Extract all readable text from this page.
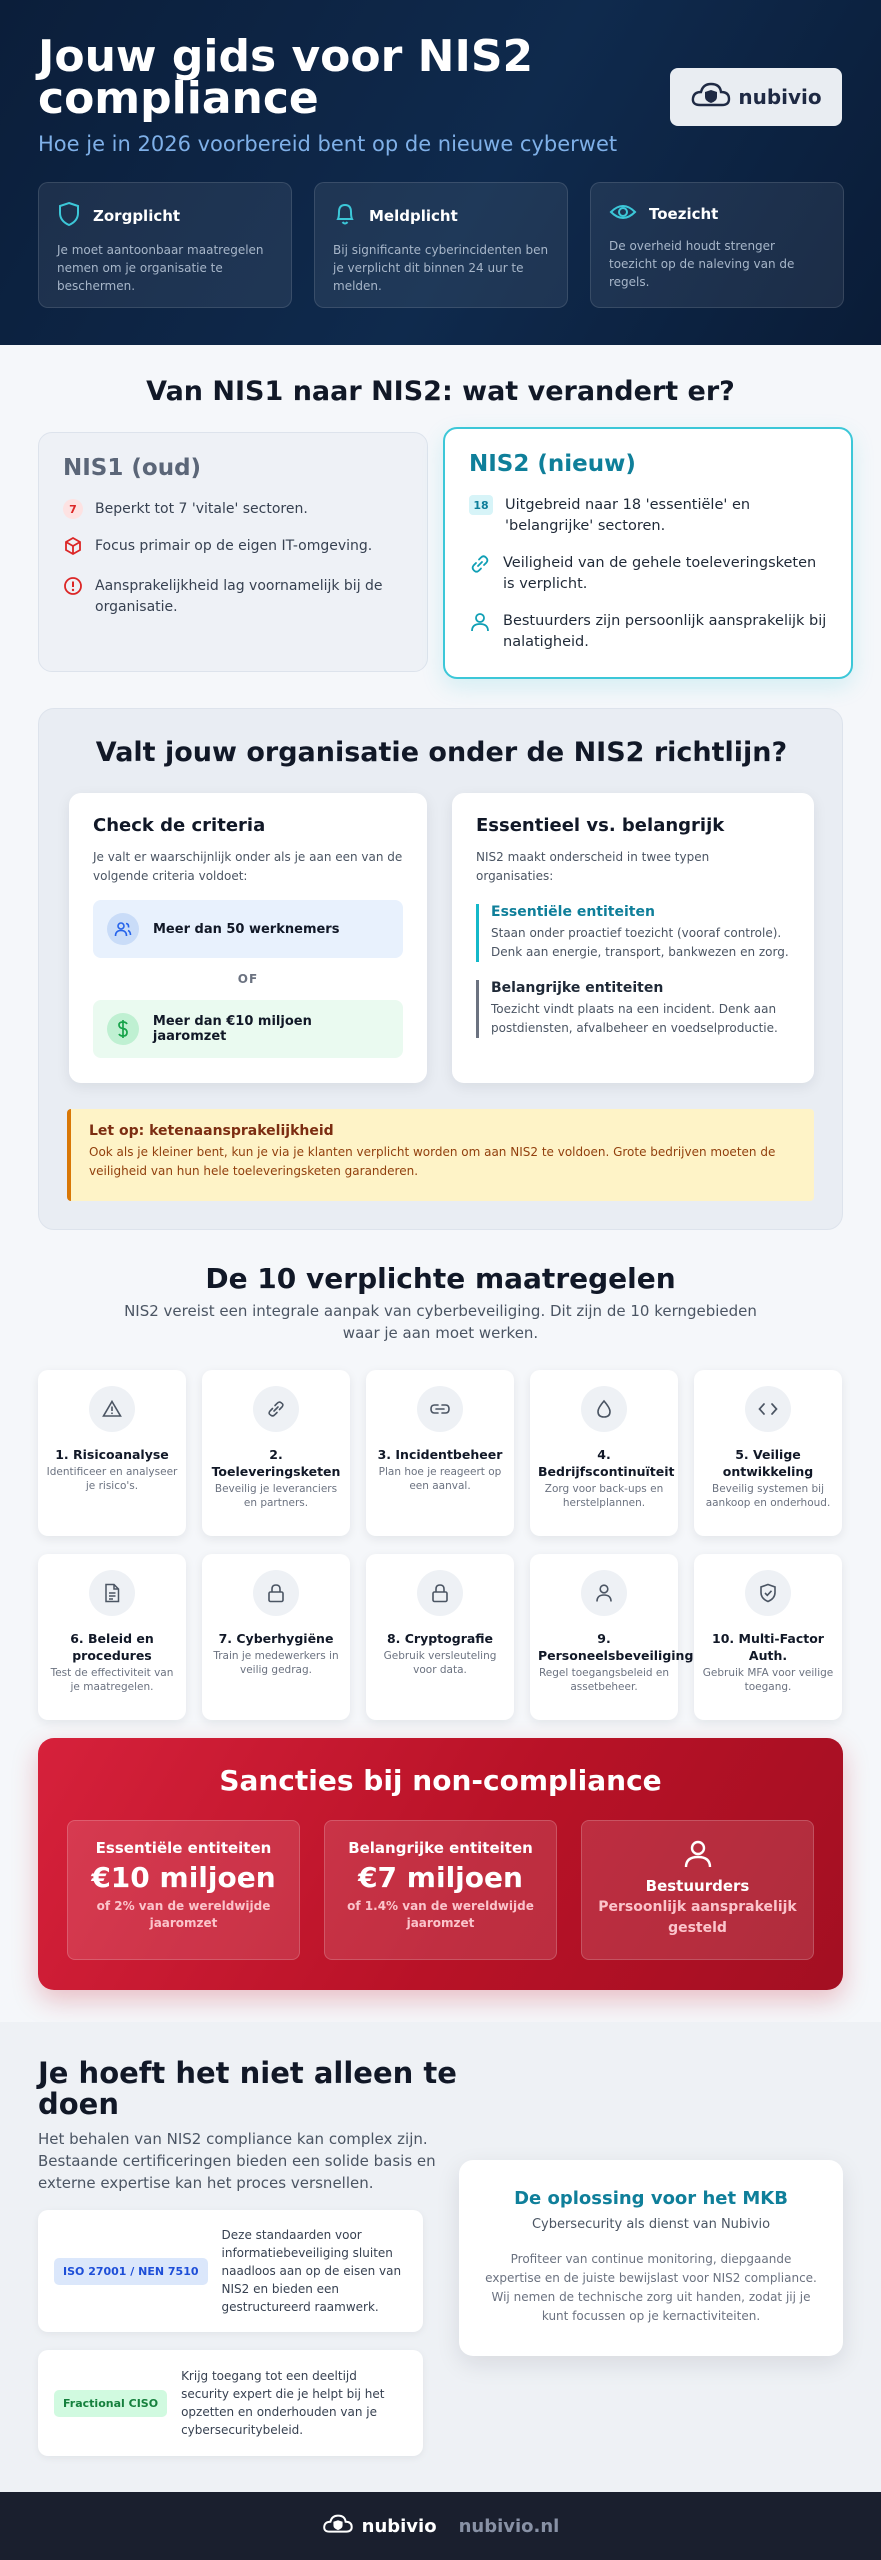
Jouw gids voor NIS2 compliance
Hoe je in 2026 voorbereid bent op de nieuwe cyberwet
nubivio
Zorgplicht
Je moet aantoonbaar maatregelen nemen om je organisatie te beschermen.
Meldplicht
Bij significante cyberincidenten ben je verplicht dit binnen 24 uur te melden.
Toezicht
De overheid houdt strenger toezicht op de naleving van de regels.
Van NIS1 naar NIS2: wat verandert er?
NIS1 (oud)
7	Beperkt tot 7 'vitale' sectoren.
Focus primair op de eigen IT-omgeving.
Aansprakelijkheid lag voornamelijk bij de organisatie.
NIS2 (nieuw)
18 Uitgebreid naar 18 'essentiële' en 'belangrijke' sectoren.
Veiligheid van de gehele toeleveringsketen is verplicht.
Bestuurders zijn persoonlijk aansprakelijk bij nalatigheid.
Valt jouw organisatie onder de NIS2 richtlijn?
Check de criteria
Je valt er waarschijnlijk onder als je aan een van de volgende criteria voldoet:
Meer dan 50 werknemers
OF
Meer dan €10 miljoen jaaromzet
Essentieel vs. belangrijk
NIS2 maakt onderscheid in twee typen organisaties:
Essentiële entiteiten
Staan onder proactief toezicht (vooraf controle). Denk aan energie, transport, bankwezen en zorg.
Belangrijke entiteiten
Toezicht vindt plaats na een incident. Denk aan postdiensten, afvalbeheer en voedselproductie.
Let op: ketenaansprakelijkheid
Ook als je kleiner bent, kun je via je klanten verplicht worden om aan NIS2 te voldoen. Grote bedrijven moeten de veiligheid van hun hele toeleveringsketen garanderen.
De 10 verplichte maatregelen
NIS2 vereist een integrale aanpak van cyberbeveiliging. Dit zijn de 10 kerngebieden waar je aan moet werken.
1. Risicoanalyse
Identificeer en analyseer je risico's.
2. Toeleveringsketen
Beveilig je leveranciers en partners.
3. Incidentbeheer
Plan hoe je reageert op een aanval.
4. Bedrijfscontinuïteit
Zorg voor back-ups en herstelplannen.
5. Veilige ontwikkeling
Beveilig systemen bij aankoop en onderhoud.
6. Beleid en procedures
Test de effectiviteit van je maatregelen.
7. Cyberhygiëne
Train je medewerkers in veilig gedrag.
8. Cryptografie
Gebruik versleuteling voor data.
9. Personeelsbeveiliging
Regel toegangsbeleid en assetbeheer.
10. Multi-Factor Auth.
Gebruik MFA voor veilige toegang.
Sancties bij non-compliance
Essentiële entiteiten
€10 miljoen
of 2% van de wereldwijde jaaromzet
Belangrijke entiteiten
€7 miljoen
of 1.4% van de wereldwijde jaaromzet
Bestuurders
Persoonlijk aansprakelijk gesteld
Je hoeft het niet alleen te doen
Het behalen van NIS2 compliance kan complex zijn. Bestaande certificeringen bieden een solide basis en externe expertise kan het proces versnellen.
ISO 27001 / NEN 7510
Deze standaarden voor informatiebeveiliging sluiten naadloos aan op de eisen van NIS2 en bieden een gestructureerd raamwerk.
Fractional CISO
Krijg toegang tot een deeltijd security expert die je helpt bij het opzetten en onderhouden van je cybersecuritybeleid.
De oplossing voor het MKB
Cybersecurity als dienst van Nubivio
Profiteer van continue monitoring, diepgaande expertise en de juiste bewijslast voor NIS2 compliance. Wij nemen de technische zorg uit handen, zodat jij je kunt focussen op je kernactiviteiten.
nubivio nubivio.nl
